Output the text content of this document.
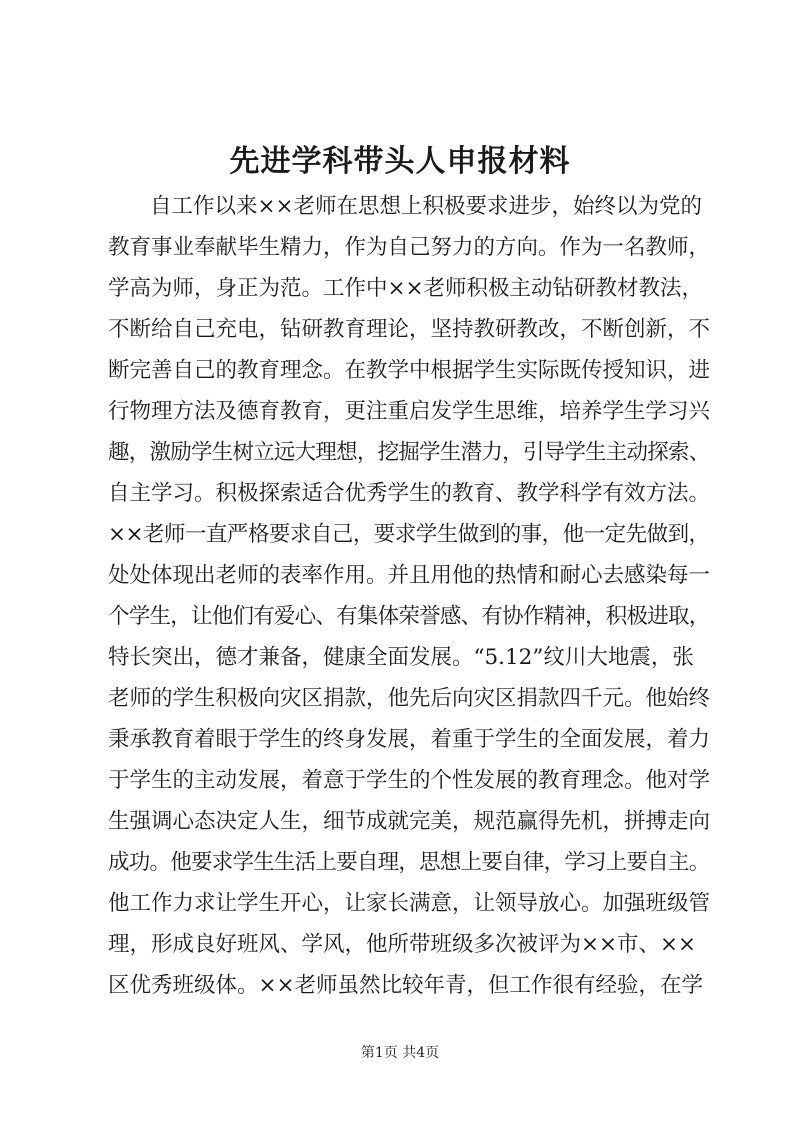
先进学科带头人申报材料
自工作以来××老师在思想上积极要求进步，始终以为党的
教育事业奉献毕生精力，作为自己努力的方向。作为一名教师，
学高为师，身正为范。工作中××老师积极主动钻研教材教法，
不断给自己充电，钻研教育理论，坚持教研教改，不断创新，不
断完善自己的教育理念。在教学中根据学生实际既传授知识，进
行物理方法及德育教育，更注重启发学生思维，培养学生学习兴
趣，激励学生树立远大理想，挖掘学生潜力，引导学生主动探索、
自主学习。积极探索适合优秀学生的教育、教学科学有效方法。
××老师一直严格要求自己，要求学生做到的事，他一定先做到，
处处体现出老师的表率作用。并且用他的热情和耐心去感染每一
个学生，让他们有爱心、有集体荣誉感、有协作精神，积极进取，
特长突出，德才兼备，健康全面发展。“5.12”纹川大地震，张
老师的学生积极向灾区捐款，他先后向灾区捐款四千元。他始终
秉承教育着眼于学生的终身发展，着重于学生的全面发展，着力
于学生的主动发展，着意于学生的个性发展的教育理念。他对学
生强调心态决定人生，细节成就完美，规范赢得先机，拼搏走向
成功。他要求学生生活上要自理，思想上要自律，学习上要自主。
他工作力求让学生开心，让家长满意，让领导放心。加强班级管
理，形成良好班风、学风，他所带班级多次被评为××市、××
区优秀班级体。××老师虽然比较年青，但工作很有经验，在学
第1页 共4页
